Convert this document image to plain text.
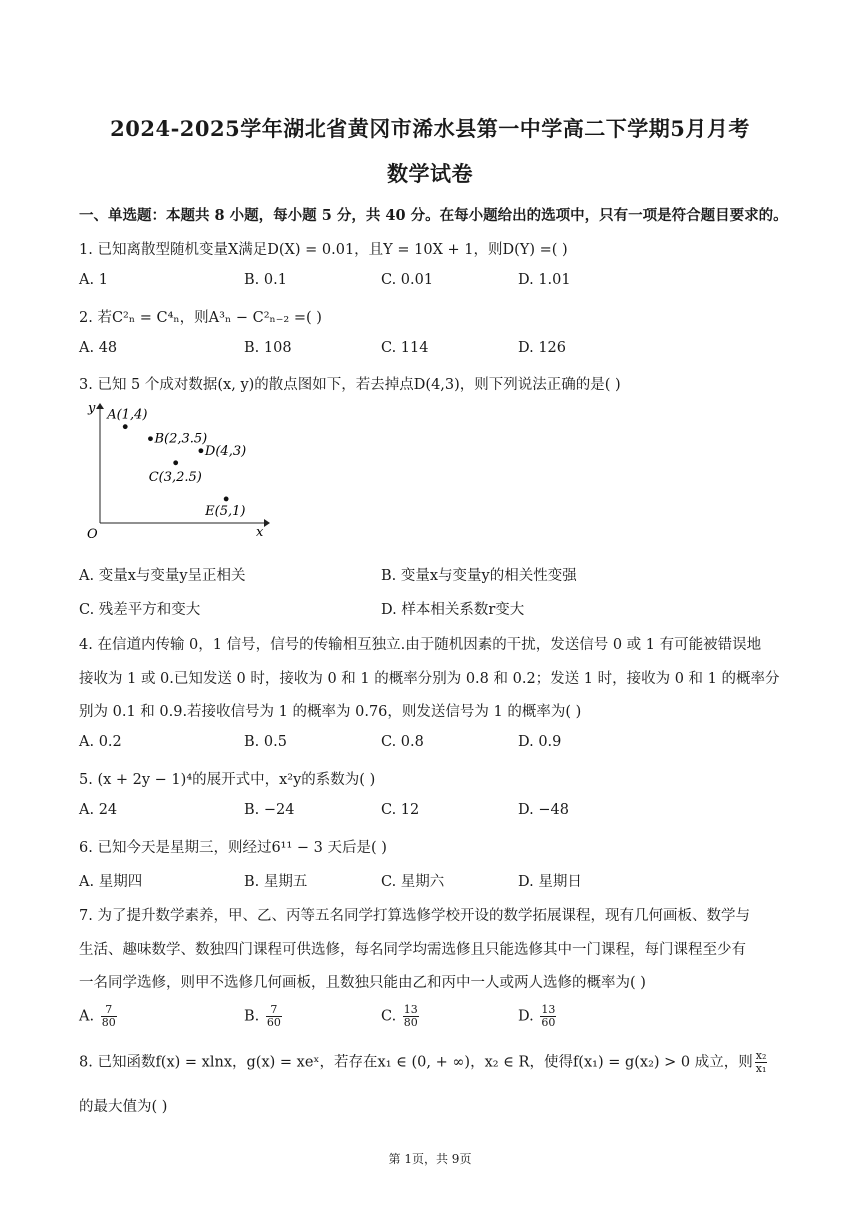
2024-2025学年湖北省黄冈市浠水县第一中学高二下学期5月月考
数学试卷
一、单选题：本题共 8 小题，每小题 5 分，共 40 分。在每小题给出的选项中，只有一项是符合题目要求的。
1. 已知离散型随机变量X满足D(X) = 0.01，且Y = 10X + 1，则D(Y) =( )
A. 1	B. 0.1	C. 0.01	D. 1.01
2. 若C²ₙ = C⁴ₙ，则A³ₙ − C²ₙ₋₂ =( )
A. 48	B. 108	C. 114	D. 126
3. 已知 5 个成对数据(x, y)的散点图如下，若去掉点D(4,3)，则下列说法正确的是( )
x
y
O
A(1,4)
B(2,3.5)
C(3,2.5)
D(4,3)
E(5,1)
A. 变量x与变量y呈正相关	B. 变量x与变量y的相关性变强
C. 残差平方和变大	D. 样本相关系数r变大
4. 在信道内传输 0，1 信号，信号的传输相互独立.由于随机因素的干扰，发送信号 0 或 1 有可能被错误地
接收为 1 或 0.已知发送 0 时，接收为 0 和 1 的概率分别为 0.8 和 0.2；发送 1 时，接收为 0 和 1 的概率分
别为 0.1 和 0.9.若接收信号为 1 的概率为 0.76，则发送信号为 1 的概率为( )
A. 0.2	B. 0.5	C. 0.8	D. 0.9
5. (x + 2y − 1)⁴的展开式中，x²y的系数为( )
A. 24	B. −24	C. 12	D. −48
6. 已知今天是星期三，则经过6¹¹ − 3 天后是( )
A. 星期四	B. 星期五	C. 星期六	D. 星期日
7. 为了提升数学素养，甲、乙、丙等五名同学打算选修学校开设的数学拓展课程，现有几何画板、数学与
生活、趣味数学、数独四门课程可供选修，每名同学均需选修且只能选修其中一门课程，每门课程至少有
一名同学选修，则甲不选修几何画板，且数独只能由乙和丙中一人或两人选修的概率为( )
A. $\frac{7}{80}$	B. $\frac{7}{60}$	C. $\frac{13}{80}$	D. $\frac{13}{60}$
8. 已知函数f(x) = xlnx，g(x) = xeˣ，若存在x₁ ∈ (0, + ∞)，x₂ ∈ R，使得f(x₁) = g(x₂) > 0 成立，则 $\frac{\text{x₂}}{\text{x₁}}$
的最大值为( )
第 1页，共 9页
